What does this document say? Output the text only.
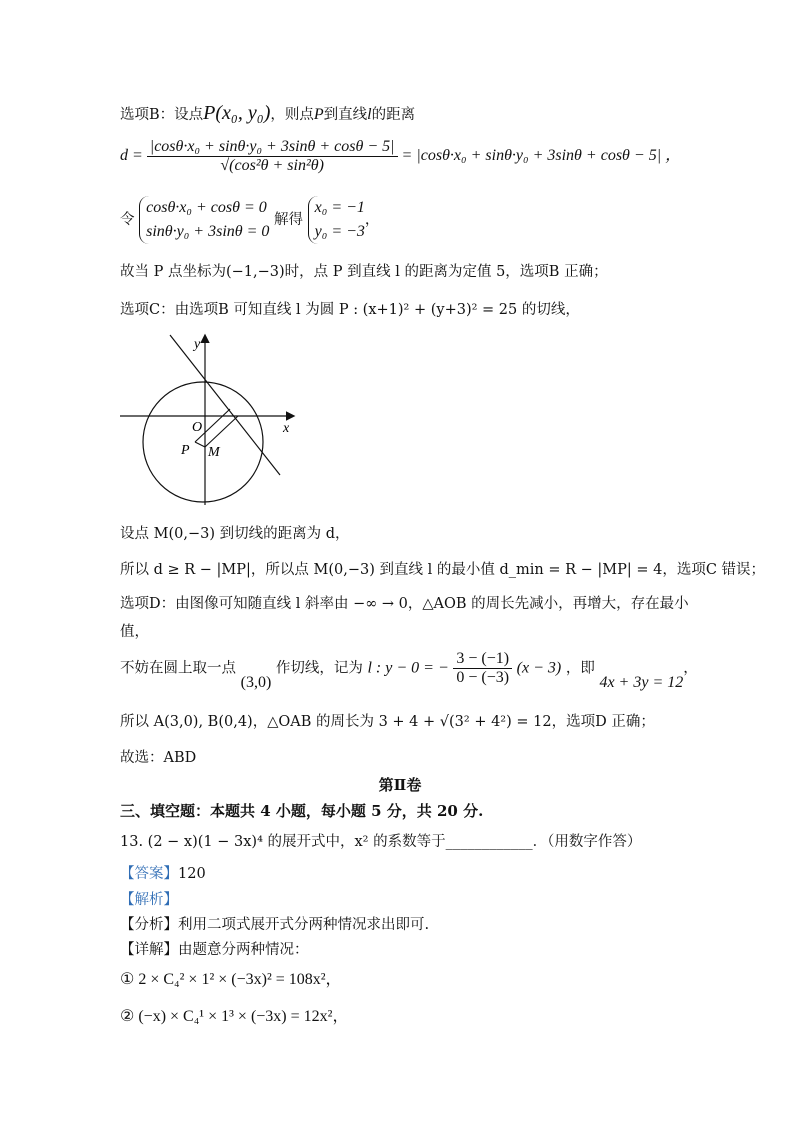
选项B：设点P(x₀, y₀)，则点P到直线l的距离
$d = \frac{\text{|cosθ·x₀ + sinθ·y₀ + 3sinθ + cosθ − 5|}}{\text{√(cos²θ + sin²θ)}} = |\cos\theta\cdot x_0 + \sin\theta\cdot y_0 + 3\sin\theta + \cos\theta - 5|$ ，
令
cosθ·x₀ + cosθ = 0
sinθ·y₀ + 3sinθ = 0
解得
x₀ = −1
y₀ = −3
，
故当 P 点坐标为(−1,−3)时，点 P 到直线 l 的距离为定值 5，选项B 正确；
选项C：由选项B 可知直线 l 为圆 P : (x+1)² + (y+3)² = 25 的切线，
y
x
O
P M
设点 M(0,−3) 到切线的距离为 d，
所以 d ≥ R − |MP|，所以点 M(0,−3) 到直线 l 的最小值 d_min = R − |MP| = 4，选项C 错误；
选项D：由图像可知随直线 l 斜率由 −∞ → 0，△AOB 的周长先减小，再增大，存在最小
值，
不妨在圆上取一点 (3,0) 作切线，记为 l : y − 0 = − $\frac{3 - (-1)}{0 - (-3)} (x - 3)$ ，即 4x + 3y = 12，
所以 A(3,0), B(0,4)，△OAB 的周长为 3 + 4 + √(3² + 4²) = 12，选项D 正确；
故选：ABD
第Ⅱ卷
三、填空题：本题共 4 小题，每小题 5 分，共 20 分.
13. (2 − x)(1 − 3x)⁴ 的展开式中，x² 的系数等于____________．（用数字作答）
【答案】120
【解析】
【分析】利用二项式展开式分两种情况求出即可.
【详解】由题意分两种情况：
① 2 × C₄² × 1² × (−3x)² = 108x²，
② (−x) × C₄¹ × 1³ × (−3x) = 12x²，
